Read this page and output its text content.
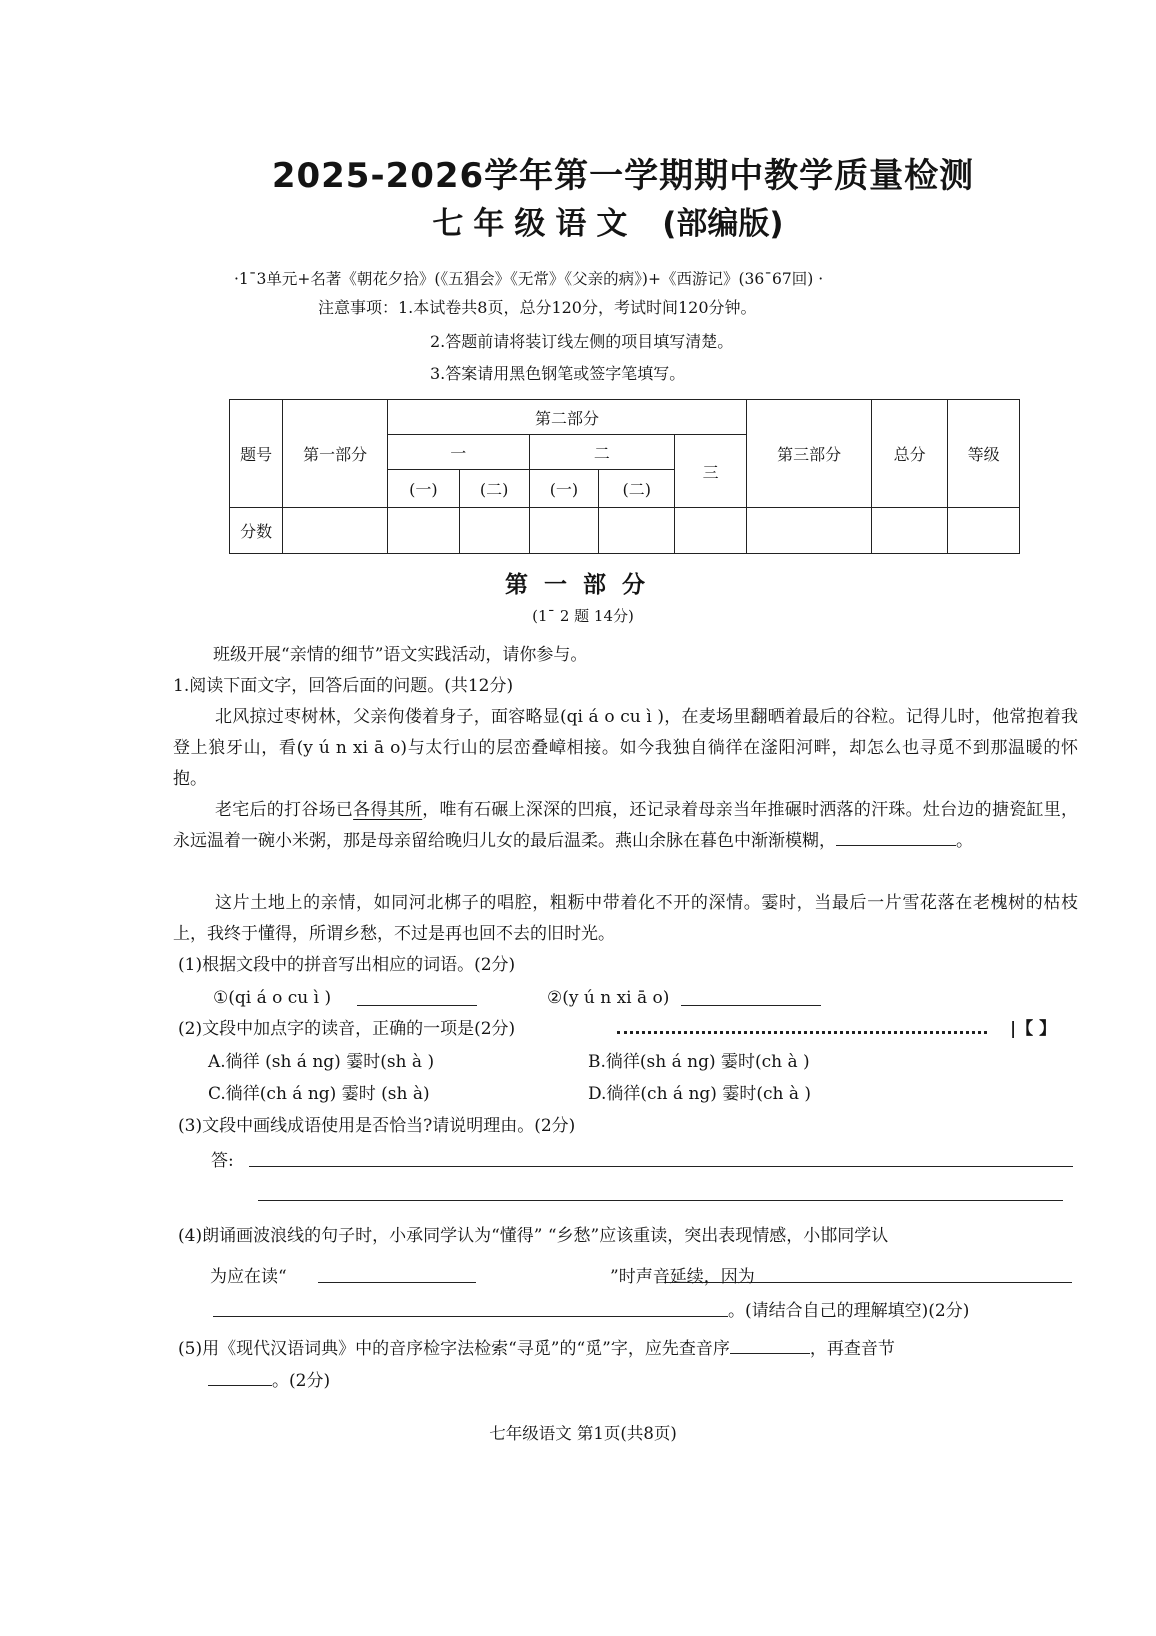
2025-2026学年第一学期期中教学质量检测
七年级语文 (部编版)
·1¯3单元+名著《朝花夕拾》(《五猖会》《无常》《父亲的病》)+《西游记》(36¯67回) ·
注意事项：1.本试卷共8页，总分120分，考试时间120分钟。
2.答题前请将装订线左侧的项目填写清楚。
3.答案请用黑色钢笔或签字笔填写。
题号	第一部分	第二部分					第三部分	总分	等级
		一		二		三			
		(一)	(二)	(一)	(二)				
分数									
第一部分
(1¯ 2 题 14分)
班级开展“亲情的细节”语文实践活动，请你参与。
1.阅读下面文字，回答后面的问题。(共12分)
北风掠过枣树林，父亲佝偻着身子，面容略显(qi á o cu ì )，在麦场里翻晒着最后的谷粒。记得儿时，他常抱着我登上狼牙山，看(y ú n xi ā o)与太行山的层峦叠嶂相接。如今我独自徜徉在滏阳河畔，却怎么也寻觅不到那温暖的怀抱。
老宅后的打谷场已各得其所，唯有石碾上深深的凹痕，还记录着母亲当年推碾时洒落的汗珠。灶台边的搪瓷缸里，永远温着一碗小米粥，那是母亲留给晚归儿女的最后温柔。燕山余脉在暮色中渐渐模糊，	。
这片土地上的亲情，如同河北梆子的唱腔，粗粝中带着化不开的深情。霎时，当最后一片雪花落在老槐树的枯枝上，我终于懂得，所谓乡愁，不过是再也回不去的旧时光。
(1)根据文段中的拼音写出相应的词语。(2分)
①(qi á o cu ì )	②(y ú n xi ā o)
(2)文段中加点字的读音，正确的一项是(2分)	|【 】
A.徜徉 (sh á ng) 霎时(sh à )	B.徜徉(sh á ng) 霎时(ch à )
C.徜徉(ch á ng) 霎时 (sh à)	D.徜徉(ch á ng) 霎时(ch à )
(3)文段中画线成语使用是否恰当?请说明理由。(2分)
答:
(4)朗诵画波浪线的句子时，小承同学认为“懂得” “乡愁”应该重读，突出表现情感，小邯同学认
为应在读“	”时声音延续，因为
。(请结合自己的理解填空)(2分)
(5)用《现代汉语词典》中的音序检字法检索“寻觅”的“觅”字，应先查音序	，再查音节
。(2分)
七年级语文 第1页(共8页)
